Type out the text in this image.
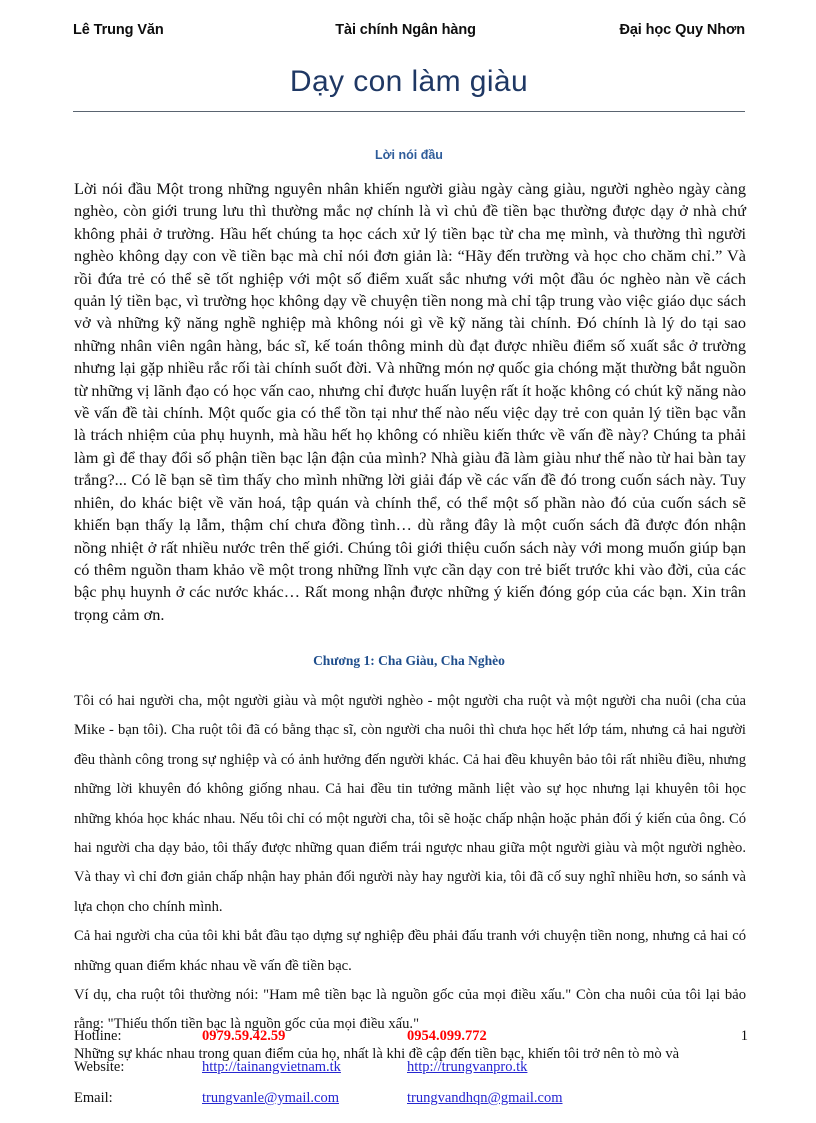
Lê Trung Văn	Tài chính Ngân hàng	Đại học Quy Nhơn
Dạy con làm giàu
Lời nói đầu
Lời nói đầu Một trong những nguyên nhân khiến người giàu ngày càng giàu, người nghèo ngày càng nghèo, còn giới trung lưu thì thường mắc nợ chính là vì chủ đề tiền bạc thường được dạy ở nhà chứ không phải ở trường. Hầu hết chúng ta học cách xử lý tiền bạc từ cha mẹ mình, và thường thì người nghèo không dạy con về tiền bạc mà chỉ nói đơn giản là: “Hãy đến trường và học cho chăm chỉ.” Và rồi đứa trẻ có thể sẽ tốt nghiệp với một số điểm xuất sắc nhưng với một đầu óc nghèo nàn về cách quản lý tiền bạc, vì trường học không dạy về chuyện tiền nong mà chỉ tập trung vào việc giáo dục sách vở và những kỹ năng nghề nghiệp mà không nói gì về kỹ năng tài chính. Đó chính là lý do tại sao những nhân viên ngân hàng, bác sĩ, kế toán thông minh dù đạt được nhiều điểm số xuất sắc ở trường nhưng lại gặp nhiều rắc rối tài chính suốt đời. Và những món nợ quốc gia chóng mặt thường bắt nguồn từ những vị lãnh đạo có học vấn cao, nhưng chỉ được huấn luyện rất ít hoặc không có chút kỹ năng nào về vấn đề tài chính. Một quốc gia có thể tồn tại như thế nào nếu việc dạy trẻ con quản lý tiền bạc vẫn là trách nhiệm của phụ huynh, mà hầu hết họ không có nhiều kiến thức về vấn đề này? Chúng ta phải làm gì để thay đổi số phận tiền bạc lận đận của mình? Nhà giàu đã làm giàu như thế nào từ hai bàn tay trắng?... Có lẽ bạn sẽ tìm thấy cho mình những lời giải đáp về các vấn đề đó trong cuốn sách này. Tuy nhiên, do khác biệt về văn hoá, tập quán và chính thể, có thể một số phần nào đó của cuốn sách sẽ khiến bạn thấy lạ lẫm, thậm chí chưa đồng tình… dù rằng đây là một cuốn sách đã được đón nhận nồng nhiệt ở rất nhiều nước trên thế giới. Chúng tôi giới thiệu cuốn sách này với mong muốn giúp bạn có thêm nguồn tham khảo về một trong những lĩnh vực cần dạy con trẻ biết trước khi vào đời, của các bậc phụ huynh ở các nước khác… Rất mong nhận được những ý kiến đóng góp của các bạn. Xin trân trọng cảm ơn.
Chương 1: Cha Giàu, Cha Nghèo

Tôi có hai người cha, một người giàu và một người nghèo - một người cha ruột và một người cha nuôi (cha của Mike - bạn tôi). Cha ruột tôi đã có bằng thạc sĩ, còn người cha nuôi thì chưa học hết lớp tám, nhưng cả hai người đều thành công trong sự nghiệp và có ảnh hưởng đến người khác. Cả hai đều khuyên bảo tôi rất nhiều điều, nhưng những lời khuyên đó không giống nhau. Cả hai đều tin tưởng mãnh liệt vào sự học nhưng lại khuyên tôi học những khóa học khác nhau. Nếu tôi chỉ có một người cha, tôi sẽ hoặc chấp nhận hoặc phản đối ý kiến của ông. Có hai người cha dạy bảo, tôi thấy được những quan điểm trái ngược nhau giữa một người giàu và một người nghèo. Và thay vì chỉ đơn giản chấp nhận hay phản đối người này hay người kia, tôi đã cố suy nghĩ nhiều hơn, so sánh và lựa chọn cho chính mình.

Cả hai người cha của tôi khi bắt đầu tạo dựng sự nghiệp đều phải đấu tranh với chuyện tiền nong, nhưng cả hai có những quan điểm khác nhau về vấn đề tiền bạc.

Ví dụ, cha ruột tôi thường nói: "Ham mê tiền bạc là nguồn gốc của mọi điều xấu." Còn cha nuôi của tôi lại bảo rằng: "Thiếu thốn tiền bạc là nguồn gốc của mọi điều xấu."

Những sự khác nhau trong quan điểm của họ, nhất là khi đề cập đến tiền bạc, khiến tôi trở nên tò mò và

Hotline:	0979.59.42.59	0954.099.772	1
Website:	http://tainangvietnam.tk	http://trungvanpro.tk
Email:	trungvanle@ymail.com	trungvandhqn@gmail.com
